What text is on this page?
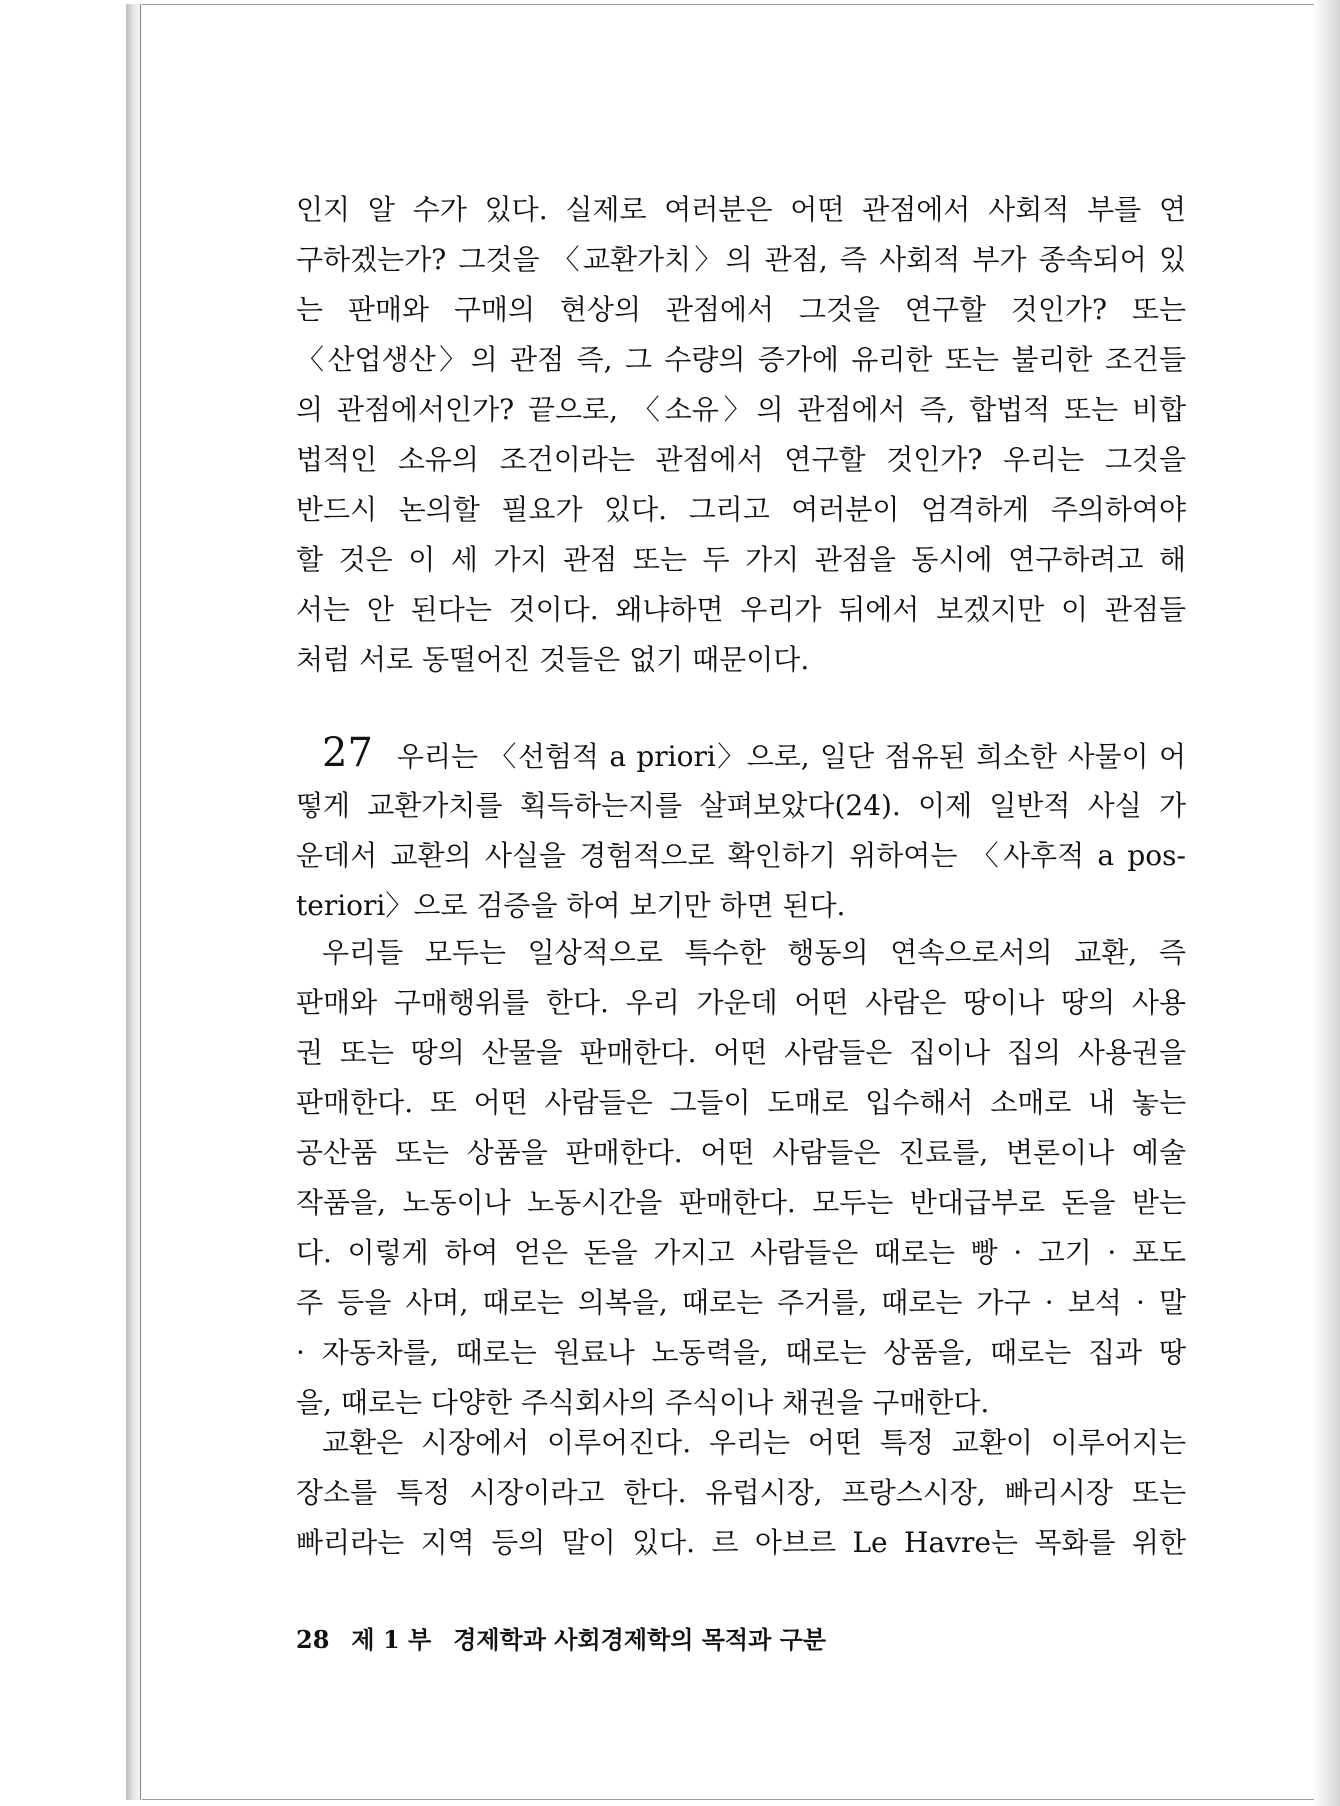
인지 알 수가 있다. 실제로 여러분은 어떤 관점에서 사회적 부를 연
구하겠는가? 그것을 〈교환가치〉의 관점, 즉 사회적 부가 종속되어 있
는 판매와 구매의 현상의 관점에서 그것을 연구할 것인가? 또는
〈산업생산〉의 관점 즉, 그 수량의 증가에 유리한 또는 불리한 조건들
의 관점에서인가? 끝으로, 〈소유〉의 관점에서 즉, 합법적 또는 비합
법적인 소유의 조건이라는 관점에서 연구할 것인가? 우리는 그것을
반드시 논의할 필요가 있다. 그리고 여러분이 엄격하게 주의하여야
할 것은 이 세 가지 관점 또는 두 가지 관점을 동시에 연구하려고 해
서는 안 된다는 것이다. 왜냐하면 우리가 뒤에서 보겠지만 이 관점들
처럼 서로 동떨어진 것들은 없기 때문이다.
27 우리는 〈선험적 a priori〉으로, 일단 점유된 희소한 사물이 어
떻게 교환가치를 획득하는지를 살펴보았다(24). 이제 일반적 사실 가
운데서 교환의 사실을 경험적으로 확인하기 위하여는 〈사후적 a pos-
teriori〉으로 검증을 하여 보기만 하면 된다.
우리들 모두는 일상적으로 특수한 행동의 연속으로서의 교환, 즉
판매와 구매행위를 한다. 우리 가운데 어떤 사람은 땅이나 땅의 사용
권 또는 땅의 산물을 판매한다. 어떤 사람들은 집이나 집의 사용권을
판매한다. 또 어떤 사람들은 그들이 도매로 입수해서 소매로 내 놓는
공산품 또는 상품을 판매한다. 어떤 사람들은 진료를, 변론이나 예술
작품을, 노동이나 노동시간을 판매한다. 모두는 반대급부로 돈을 받는
다. 이렇게 하여 얻은 돈을 가지고 사람들은 때로는 빵 · 고기 · 포도
주 등을 사며, 때로는 의복을, 때로는 주거를, 때로는 가구 · 보석 · 말
· 자동차를, 때로는 원료나 노동력을, 때로는 상품을, 때로는 집과 땅
을, 때로는 다양한 주식회사의 주식이나 채권을 구매한다.
교환은 시장에서 이루어진다. 우리는 어떤 특정 교환이 이루어지는
장소를 특정 시장이라고 한다. 유럽시장, 프랑스시장, 빠리시장 또는
빠리라는 지역 등의 말이 있다. 르 아브르 Le Havre는 목화를 위한
28 제 1 부 경제학과 사회경제학의 목적과 구분
